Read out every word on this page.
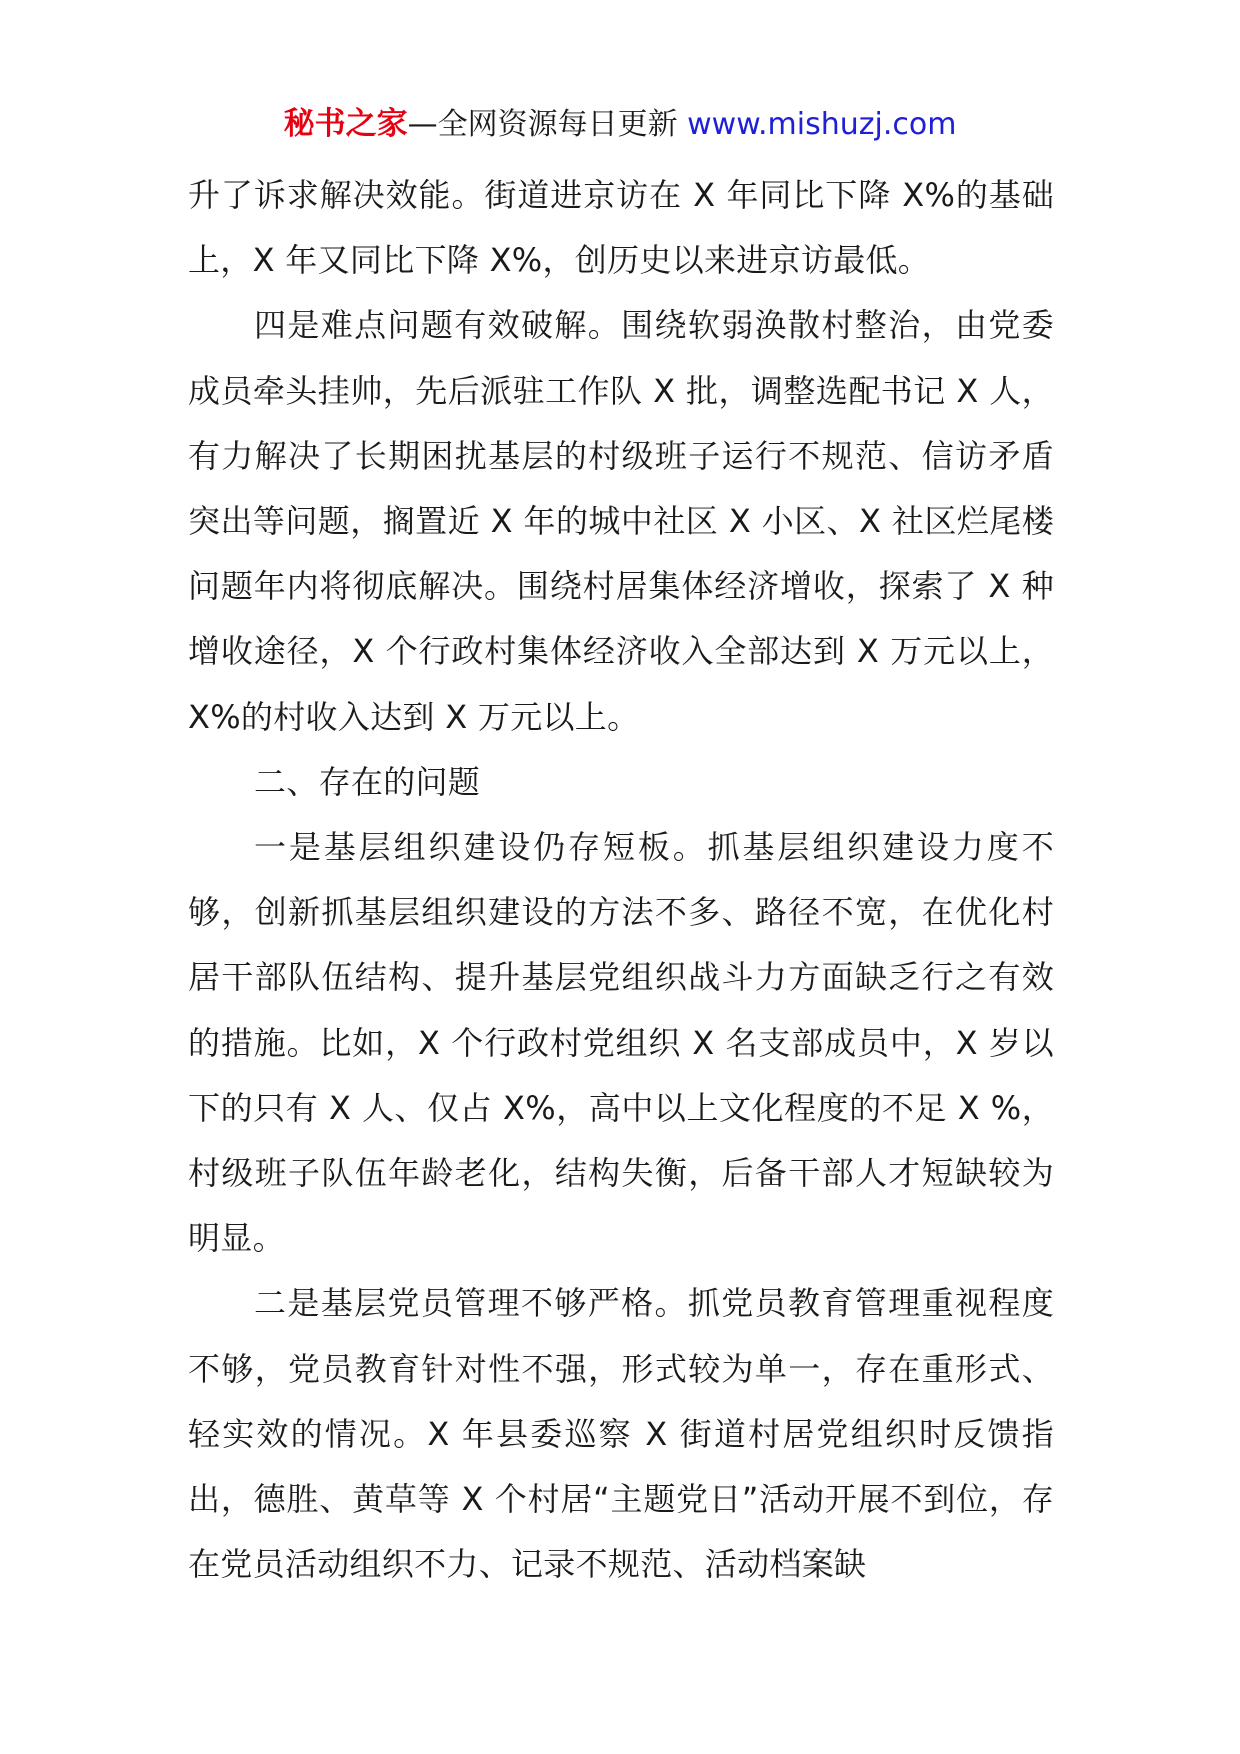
秘书之家—全网资源每日更新 www.mishuzj.com

升了诉求解决效能。街道进京访在 X 年同比下降 X%的基础上，X 年又同比下降 X%，创历史以来进京访最低。

四是难点问题有效破解。围绕软弱涣散村整治，由党委成员牵头挂帅，先后派驻工作队 X 批，调整选配书记 X 人，有力解决了长期困扰基层的村级班子运行不规范、信访矛盾突出等问题，搁置近 X 年的城中社区 X 小区、X 社区烂尾楼问题年内将彻底解决。围绕村居集体经济增收，探索了 X 种增收途径，X 个行政村集体经济收入全部达到 X 万元以上，X%的村收入达到 X 万元以上。

二、存在的问题

一是基层组织建设仍存短板。抓基层组织建设力度不够，创新抓基层组织建设的方法不多、路径不宽，在优化村居干部队伍结构、提升基层党组织战斗力方面缺乏行之有效的措施。比如，X 个行政村党组织 X 名支部成员中，X 岁以下的只有 X 人、仅占 X%，高中以上文化程度的不足 X %，村级班子队伍年龄老化，结构失衡，后备干部人才短缺较为明显。

二是基层党员管理不够严格。抓党员教育管理重视程度不够，党员教育针对性不强，形式较为单一，存在重形式、轻实效的情况。X 年县委巡察 X 街道村居党组织时反馈指出，德胜、黄草等 X 个村居“主题党日”活动开展不到位，存在党员活动组织不力、记录不规范、活动档案缺
